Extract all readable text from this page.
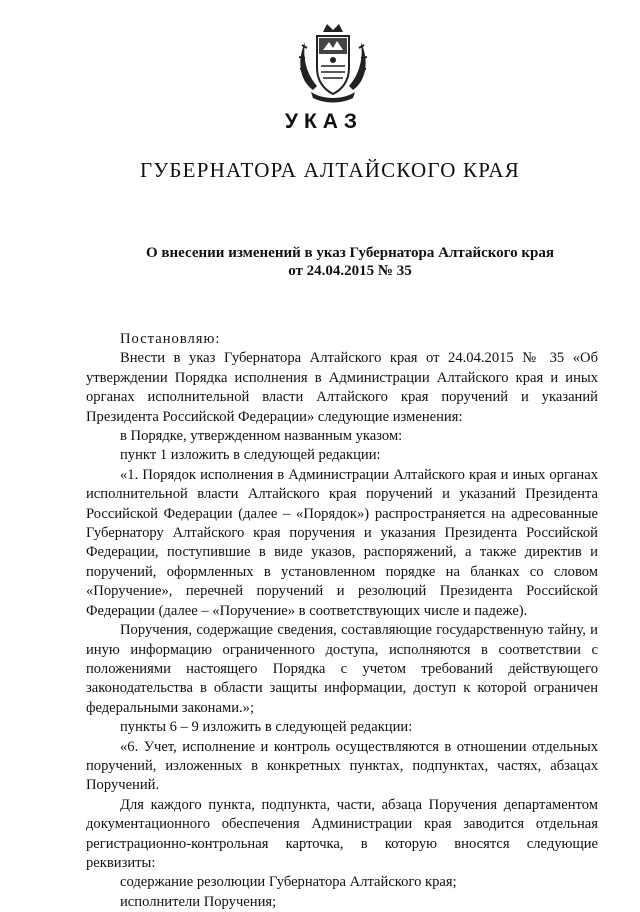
УКАЗ
ГУБЕРНАТОРА АЛТАЙСКОГО КРАЯ
О внесении изменений в указ Губернатора Алтайского края
от 24.04.2015 № 35

Постановляю:

Внести в указ Губернатора Алтайского края от 24.04.2015 № 35 «Об утверждении Порядка исполнения в Администрации Алтайского края и иных органах исполнительной власти Алтайского края поручений и указаний Президента Российской Федерации» следующие изменения:

в Порядке, утвержденном названным указом:

пункт 1 изложить в следующей редакции:

«1. Порядок исполнения в Администрации Алтайского края и иных органах исполнительной власти Алтайского края поручений и указаний Президента Российской Федерации (далее – «Порядок») распространяется на адресованные Губернатору Алтайского края поручения и указания Президента Российской Федерации, поступившие в виде указов, распоряжений, а также директив и поручений, оформленных в установленном порядке на бланках со словом «Поручение», перечней поручений и резолюций Президента Российской Федерации (далее – «Поручение» в соответствующих числе и падеже).

Поручения, содержащие сведения, составляющие государственную тайну, и иную информацию ограниченного доступа, исполняются в соответствии с положениями настоящего Порядка с учетом требований действующего законодательства в области защиты информации, доступ к которой ограничен федеральными законами.»;

пункты 6 – 9 изложить в следующей редакции:

«6. Учет, исполнение и контроль осуществляются в отношении отдельных поручений, изложенных в конкретных пунктах, подпунктах, частях, абзацах Поручений.

Для каждого пункта, подпункта, части, абзаца Поручения департаментом документационного обеспечения Администрации края заводится отдельная регистрационно-контрольная карточка, в которую вносятся следующие реквизиты:

содержание резолюции Губернатора Алтайского края;

исполнители Поручения;
